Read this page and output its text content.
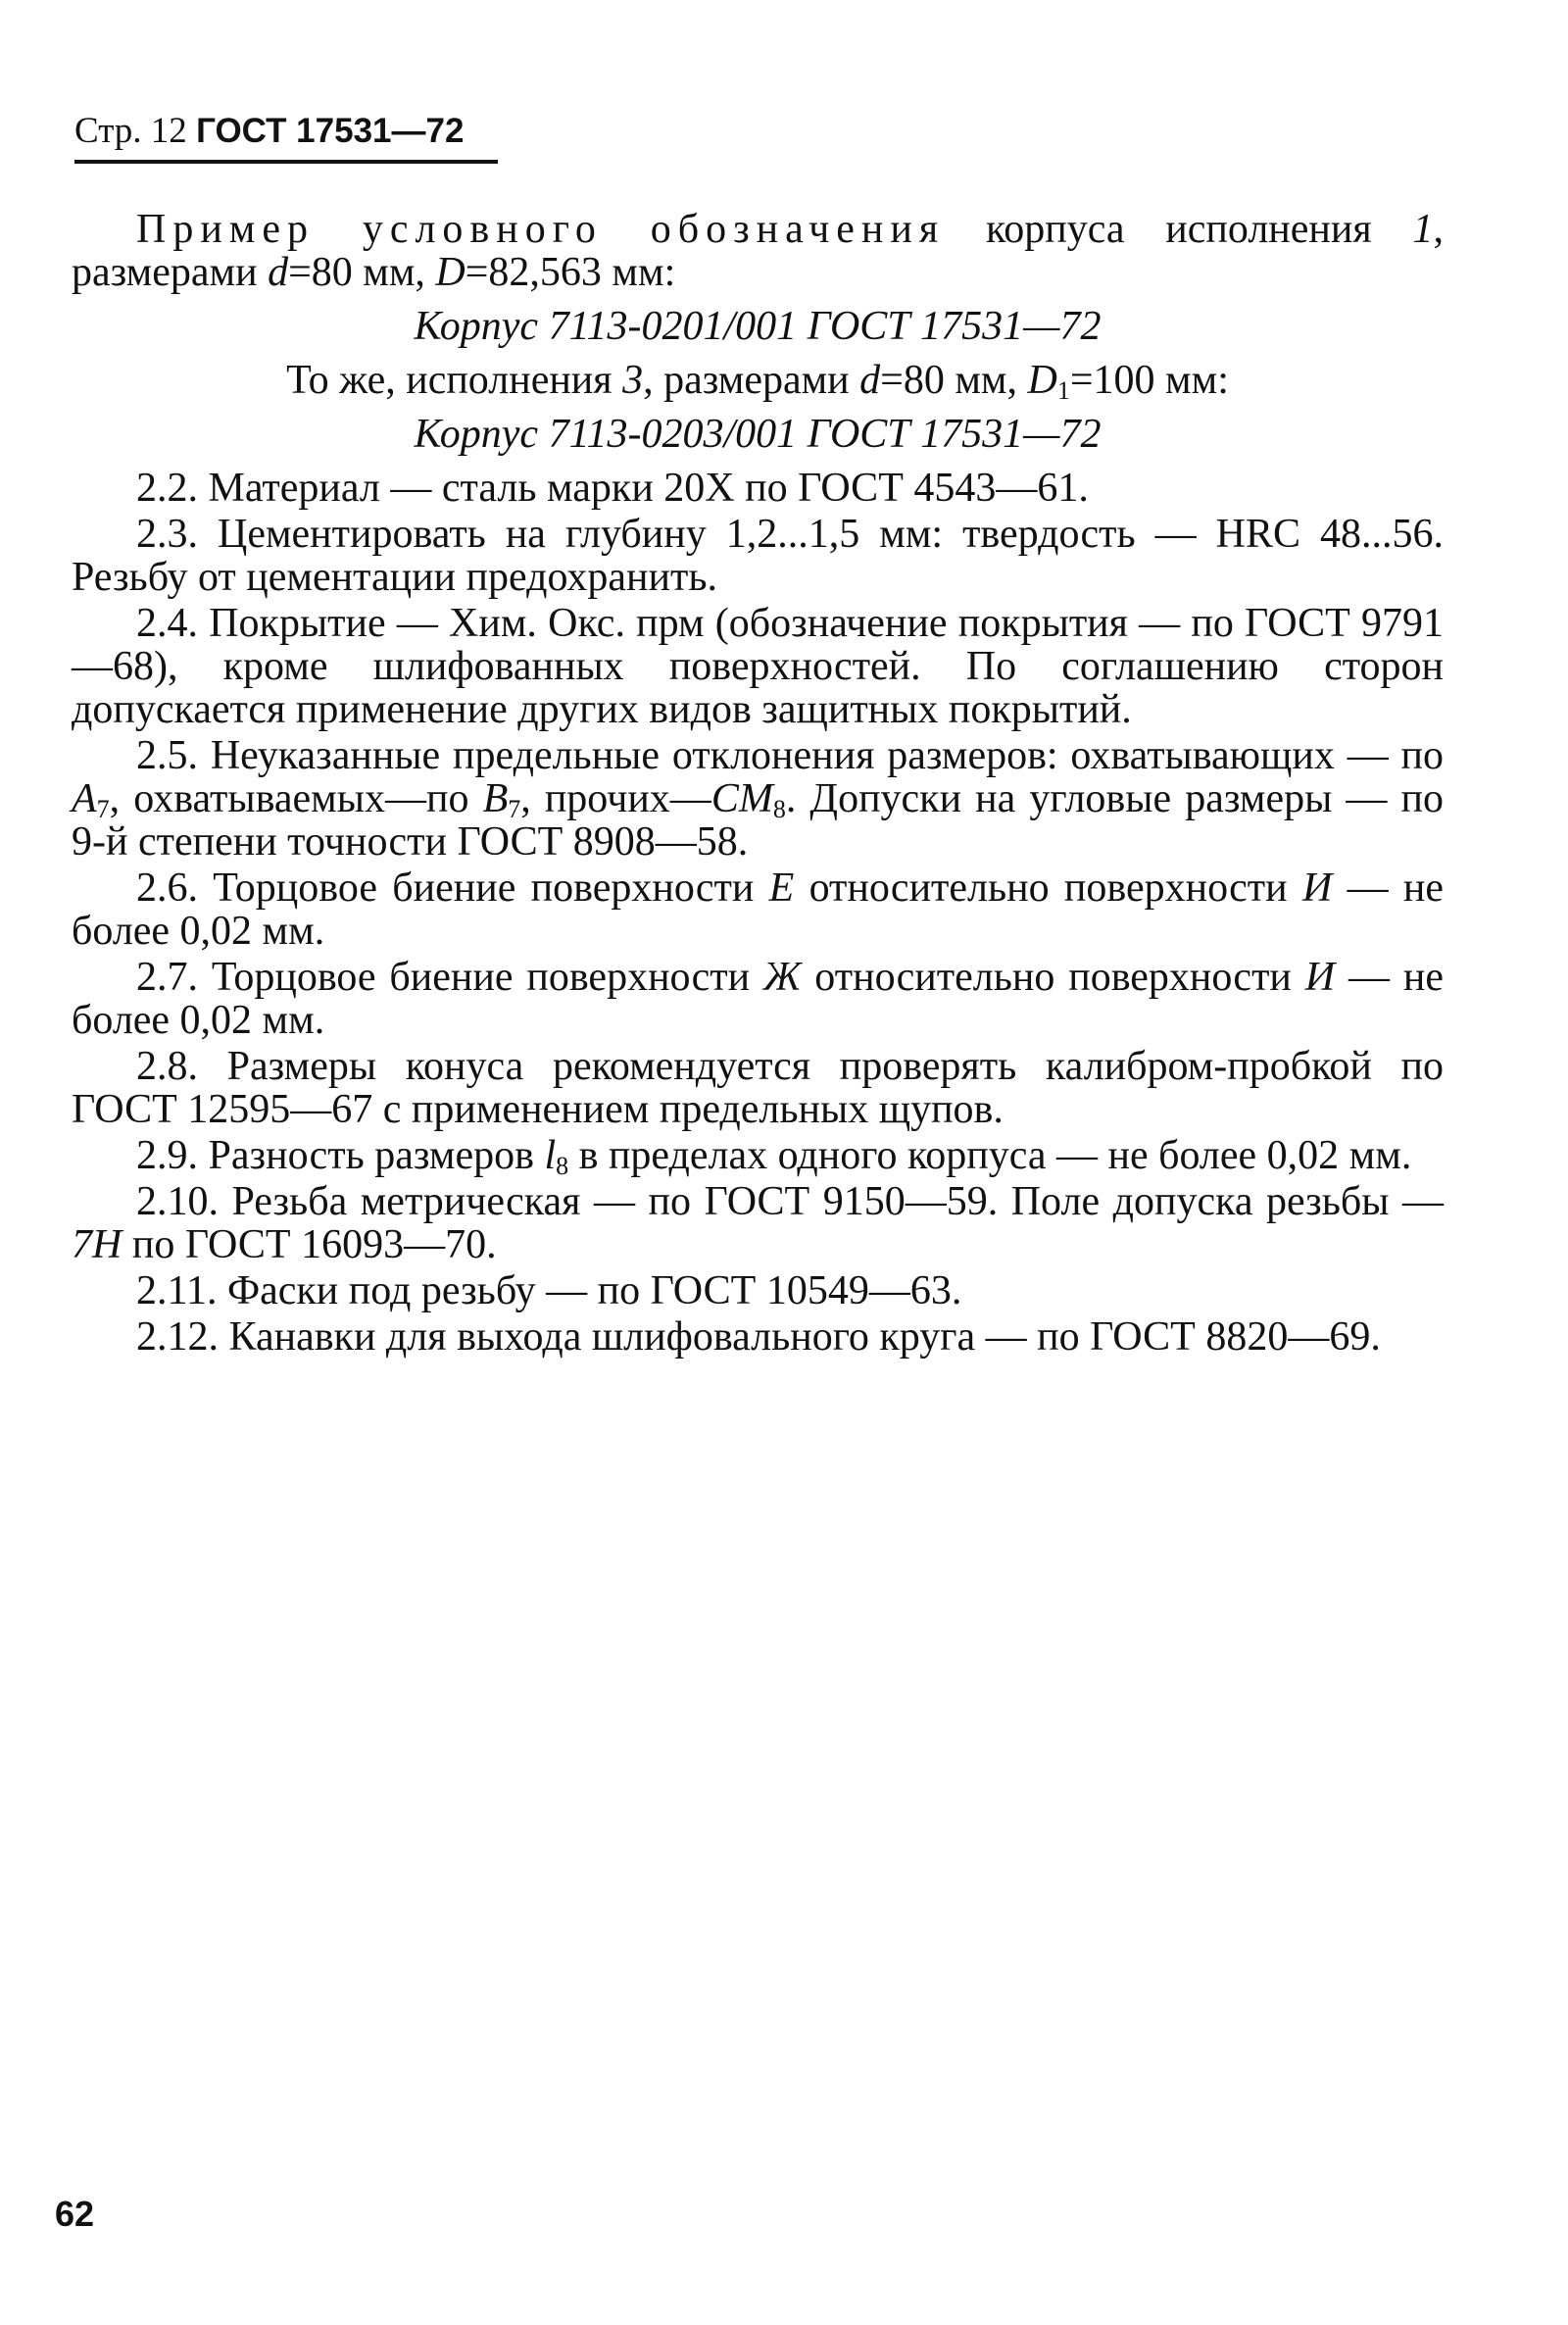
Стр. 12 ГОСТ 17531—72

Пример условного обозначения корпуса исполнения 1, размерами d=80 мм, D=82,563 мм:

Корпус 7113-0201/001 ГОСТ 17531—72

То же, исполнения 3, размерами d=80 мм, $D_1=100$ мм:

Корпус 7113-0203/001 ГОСТ 17531—72

2.2. Материал — сталь марки 20Х по ГОСТ 4543—61.

2.3. Цементировать на глубину 1,2...1,5 мм: твердость — HRC 48...56. Резьбу от цементации предохранить.

2.4. Покрытие — Хим. Окс. прм (обозначение покрытия — по ГОСТ 9791—68), кроме шлифованных поверхностей. По соглашению сторон допускается применение других видов защитных покрытий.

2.5. Неуказанные предельные отклонения размеров: охватывающих — по $A_7$, охватываемых—по $B_7$, $прочих—CM_8$. Допуски на угловые размеры — по 9-й степени точности ГОСТ 8908—58.

2.6. Торцовое биение поверхности Е относительно поверхности И — не более 0,02 мм.

2.7. Торцовое биение поверхности Ж относительно поверхности И — не более 0,02 мм.

2.8. Размеры конуса рекомендуется проверять калибром-пробкой по ГОСТ 12595—67 с применением предельных щупов.

2.9. Разность размеров $l_8$ в пределах одного корпуса — не более 0,02 мм.

2.10. Резьба метрическая — по ГОСТ 9150—59. Поле допуска резьбы — 7H по ГОСТ 16093—70.

2.11. Фаски под резьбу — по ГОСТ 10549—63.

2.12. Канавки для выхода шлифовального круга — по ГОСТ 8820—69.

62
